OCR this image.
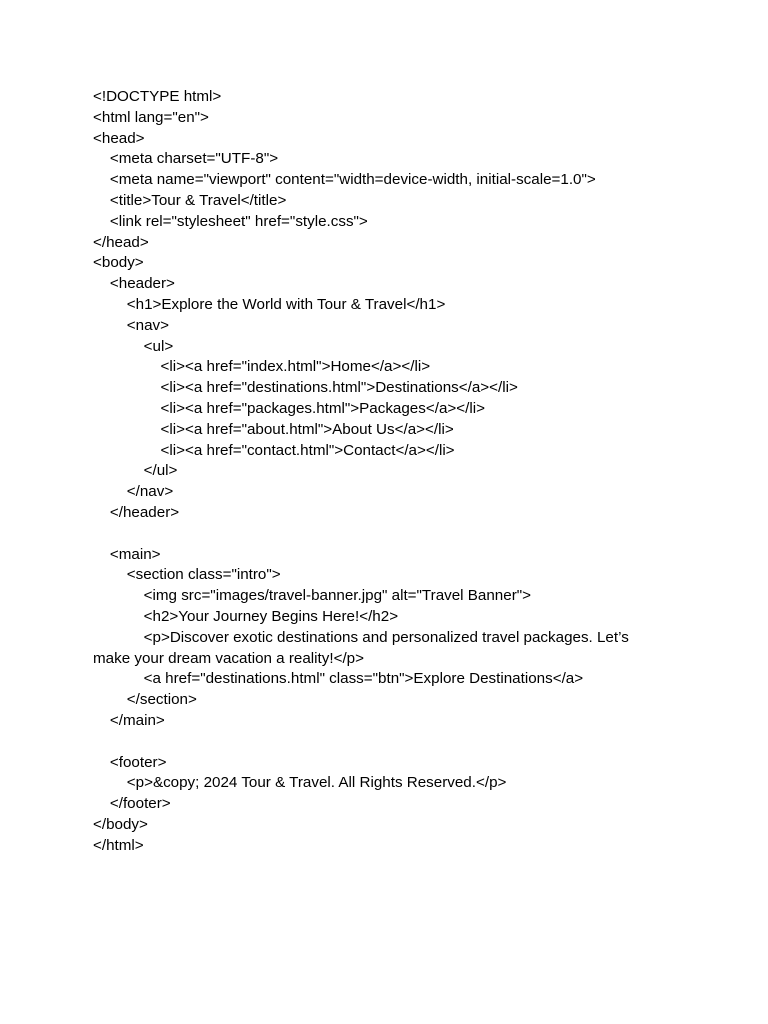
<!DOCTYPE html>
<html lang="en">
<head>
<meta charset="UTF-8">
<meta name="viewport" content="width=device-width, initial-scale=1.0">
<title>Tour & Travel</title>
<link rel="stylesheet" href="style.css">
</head>
<body>
<header>
<h1>Explore the World with Tour & Travel</h1>
<nav>
<ul>
<li><a href="index.html">Home</a></li>
<li><a href="destinations.html">Destinations</a></li>
<li><a href="packages.html">Packages</a></li>
<li><a href="about.html">About Us</a></li>
<li><a href="contact.html">Contact</a></li>
</ul>
</nav>
</header>
<main>
<section class="intro">
<img src="images/travel-banner.jpg" alt="Travel Banner">
<h2>Your Journey Begins Here!</h2>
<p>Discover exotic destinations and personalized travel packages. Let’s
make your dream vacation a reality!</p>
<a href="destinations.html" class="btn">Explore Destinations</a>
</section>
</main>
<footer>
<p>&copy; 2024 Tour & Travel. All Rights Reserved.</p>
</footer>
</body>
</html>
